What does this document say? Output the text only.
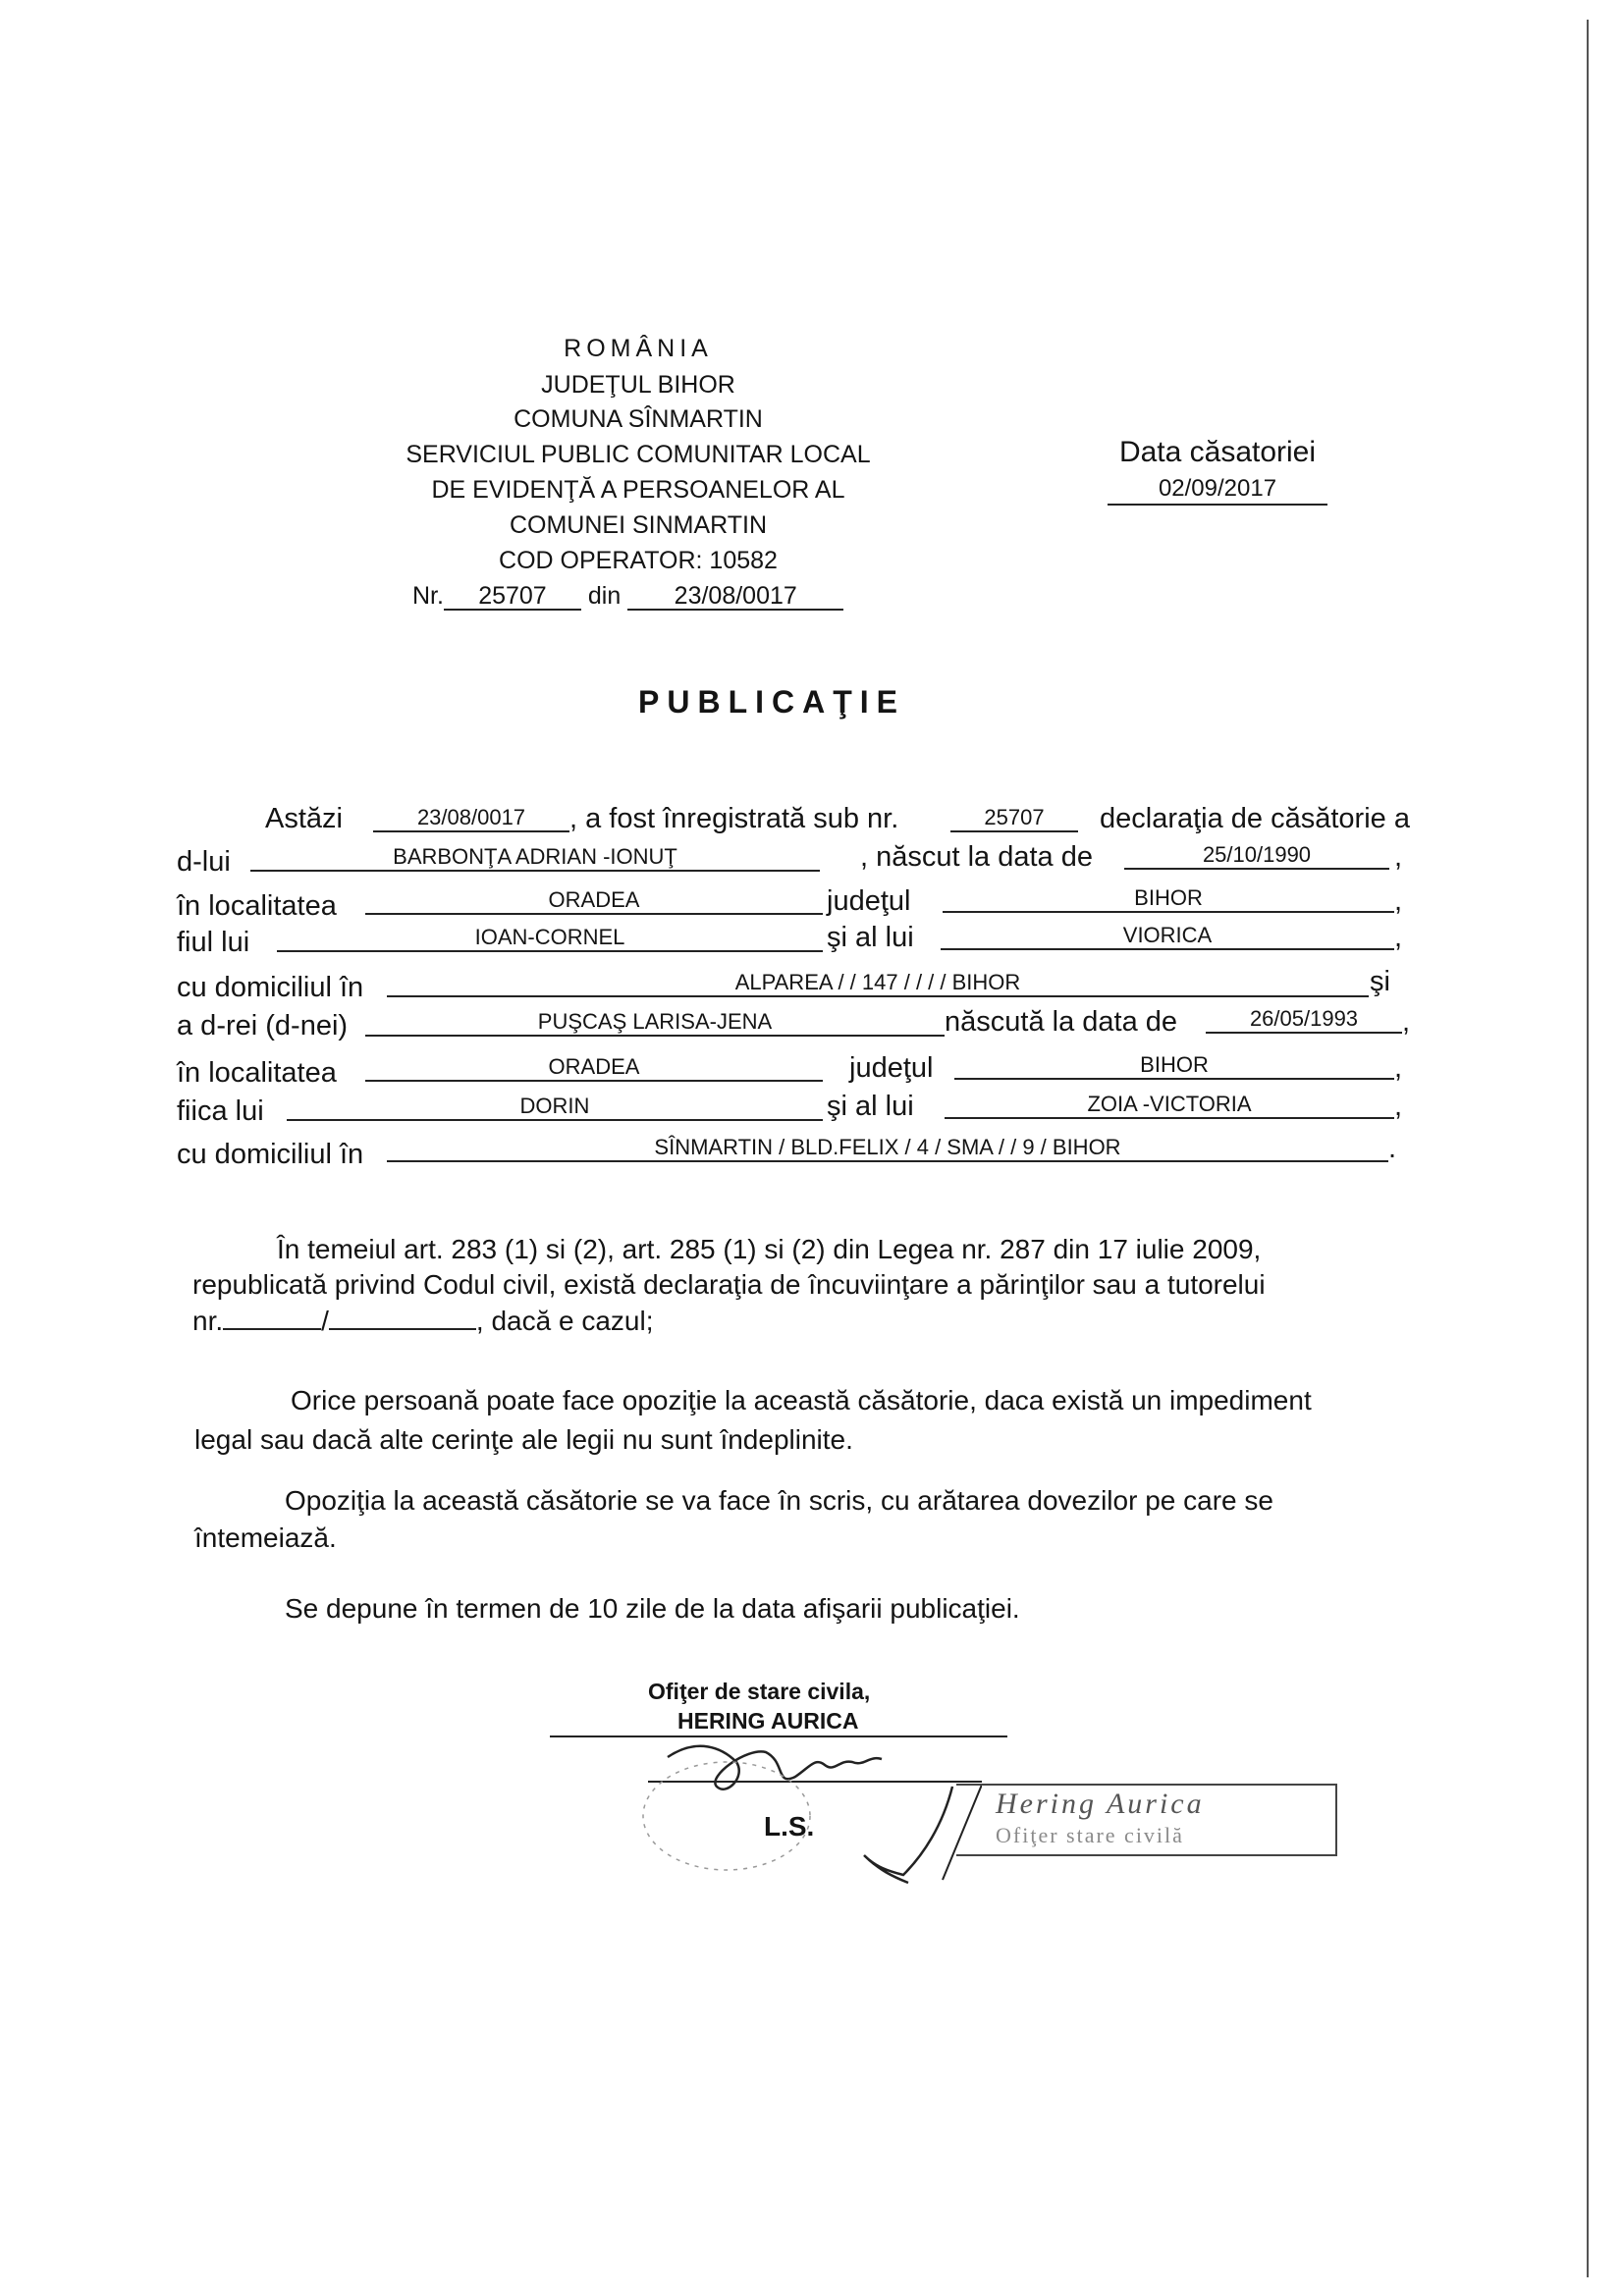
ROMÂNIA
JUDEŢUL BIHOR
COMUNA SÎNMARTIN
SERVICIUL PUBLIC COMUNITAR LOCAL
DE EVIDENŢĂ A PERSOANELOR AL
COMUNEI SINMARTIN
COD OPERATOR: 10582
Nr. 25707 din 23/08/0017
Data căsatoriei
02/09/2017
PUBLICAŢIE
Astăzi	23/08/0017	, a fost înregistrată sub nr.	25707	declaraţia de căsătorie a
d-lui	BARBONŢA ADRIAN -IONUŢ	, născut la data de	25/10/1990	,
în localitatea	ORADEA	judeţul	BIHOR	,
fiul lui	IOAN-CORNEL	şi al lui	VIORICA	,
cu domiciliul în	ALPAREA / / 147 / / / / BIHOR	şi
a d-rei (d-nei)	PUŞCAŞ LARISA-JENA	născută la data de	26/05/1993	,
în localitatea	ORADEA	judeţul	BIHOR	,
fiica lui	DORIN	şi al lui	ZOIA -VICTORIA	,
cu domiciliul în	SÎNMARTIN / BLD.FELIX / 4 / SMA / / 9 / BIHOR	.
În temeiul art. 283 (1) si (2), art. 285 (1) si (2) din Legea nr. 287 din 17 iulie 2009,
republicată privind Codul civil, există declaraţia de încuviinţare a părinţilor sau a tutorelui
nr.	/	, dacă e cazul;
Orice persoană poate face opoziţie la această căsătorie, daca există un impediment
legal sau dacă alte cerinţe ale legii nu sunt îndeplinite.
Opoziţia la această căsătorie se va face în scris, cu arătarea dovezilor pe care se
întemeiază.
Se depune în termen de 10 zile de la data afişarii publicaţiei.
Ofiţer de stare civila,
HERING AURICA
L.S.
Hering Aurica
Ofiţer stare civilă
